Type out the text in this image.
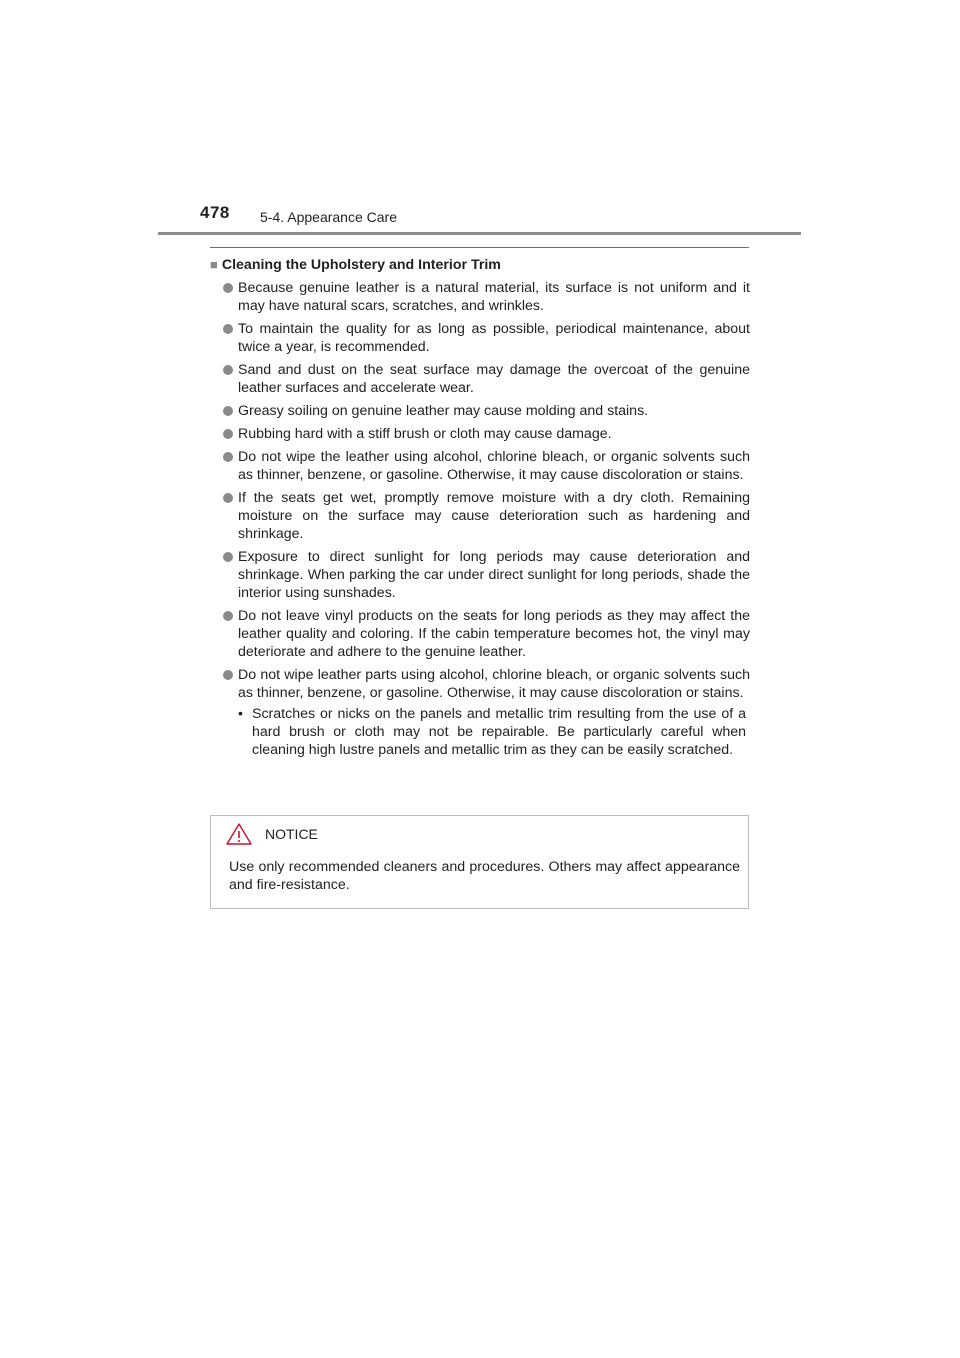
478 5-4. Appearance Care
■ Cleaning the Upholstery and Interior Trim
Because genuine leather is a natural material, its surface is not uniform and it may have natural scars, scratches, and wrinkles.
To maintain the quality for as long as possible, periodical maintenance, about twice a year, is recommended.
Sand and dust on the seat surface may damage the overcoat of the genuine leather surfaces and accelerate wear.
Greasy soiling on genuine leather may cause molding and stains.
Rubbing hard with a stiff brush or cloth may cause damage.
Do not wipe the leather using alcohol, chlorine bleach, or organic solvents such as thinner, benzene, or gasoline. Otherwise, it may cause discoloration or stains.
If the seats get wet, promptly remove moisture with a dry cloth. Remaining moisture on the surface may cause deterioration such as hardening and shrinkage.
Exposure to direct sunlight for long periods may cause deterioration and shrinkage. When parking the car under direct sunlight for long periods, shade the interior using sunshades.
Do not leave vinyl products on the seats for long periods as they may affect the leather quality and coloring. If the cabin temperature becomes hot, the vinyl may deteriorate and adhere to the genuine leather.
Do not wipe leather parts using alcohol, chlorine bleach, or organic solvents such as thinner, benzene, or gasoline. Otherwise, it may cause discoloration or stains.
• Scratches or nicks on the panels and metallic trim resulting from the use of a hard brush or cloth may not be repairable. Be particularly careful when cleaning high lustre panels and metallic trim as they can be easily scratched.
NOTICE
Use only recommended cleaners and procedures. Others may affect appearance and fire-resistance.
